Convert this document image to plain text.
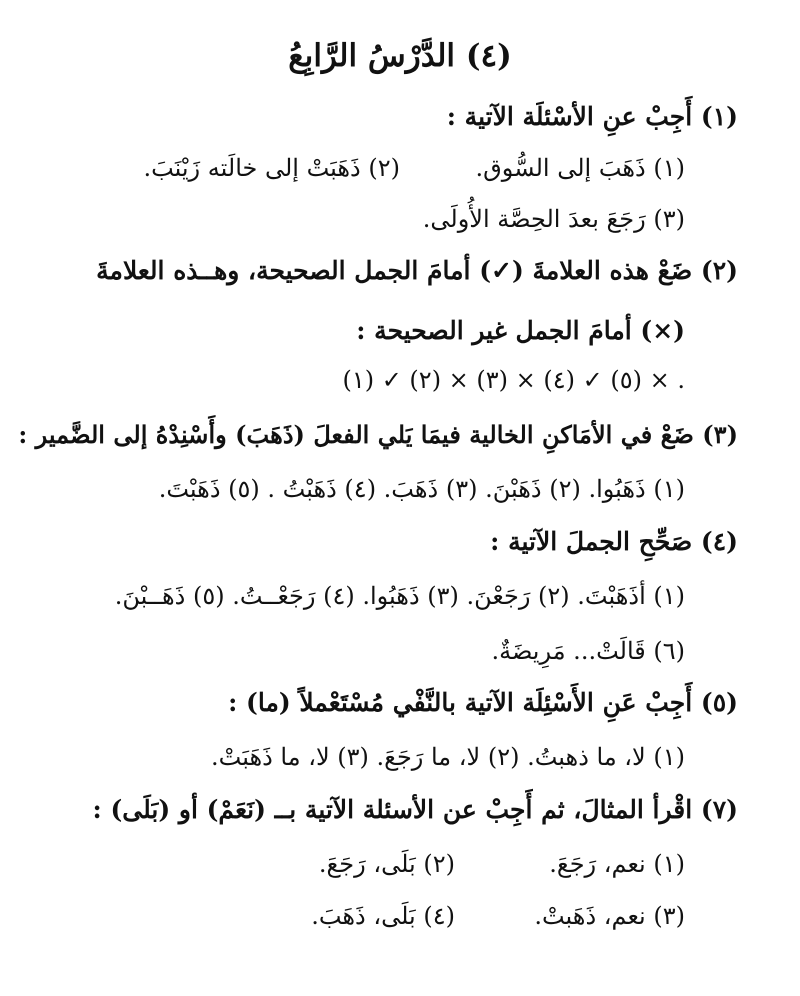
(٤) الدَّرْسُ الرَّابِعُ
(١) أَجِبْ عنِ الأسْئلَة الآتية :
(١) ذَهَبَ إلى السُّوق.
(٢) ذَهَبَتْ إلى خالَته زَيْنَبَ.
(٣) رَجَعَ بعدَ الحِصَّة الأُولَى.
(٢) ضَعْ هذه العلامةَ (✓) أمامَ الجمل الصحيحة، وهــذه العلامةَ
(×) أمامَ الجمل غير الصحيحة :
(١) ✓ (٢) × (٣) × (٤) ✓ (٥) × .
(٣) ضَعْ في الأمَاكنِ الخالية فيمَا يَلي الفعلَ (ذَهَبَ) وأَسْنِدْهُ إلى الضَّمير :
(١) ذَهَبُوا. (٢) ذَهَبْنَ. (٣) ذَهَبَ. (٤) ذَهَبْتُ . (٥) ذَهَبْتَ.
(٤) صَحِّحِ الجملَ الآتية :
(١) أذَهَبْتَ. (٢) رَجَعْنَ. (٣) ذَهَبُوا. (٤) رَجَعْــتُ. (٥) ذَهَــبْنَ.
(٦) قَالَتْ... مَرِيضَةٌ.
(٥) أَجِبْ عَنِ الأَسْئِلَة الآتية بالنَّفْي مُسْتَعْملاً (ما) :
(١) لا، ما ذهبتُ. (٢) لا، ما رَجَعَ. (٣) لا، ما ذَهَبَتْ.
(٧) اقْرأ المثالَ، ثم أَجِبْ عن الأسئلة الآتية بــ (نَعَمْ) أو (بَلَى) :
(١) نعم، رَجَعَ.
(٢) بَلَى، رَجَعَ.
(٣) نعم، ذَهَبتْ.
(٤) بَلَى، ذَهَبَ.
